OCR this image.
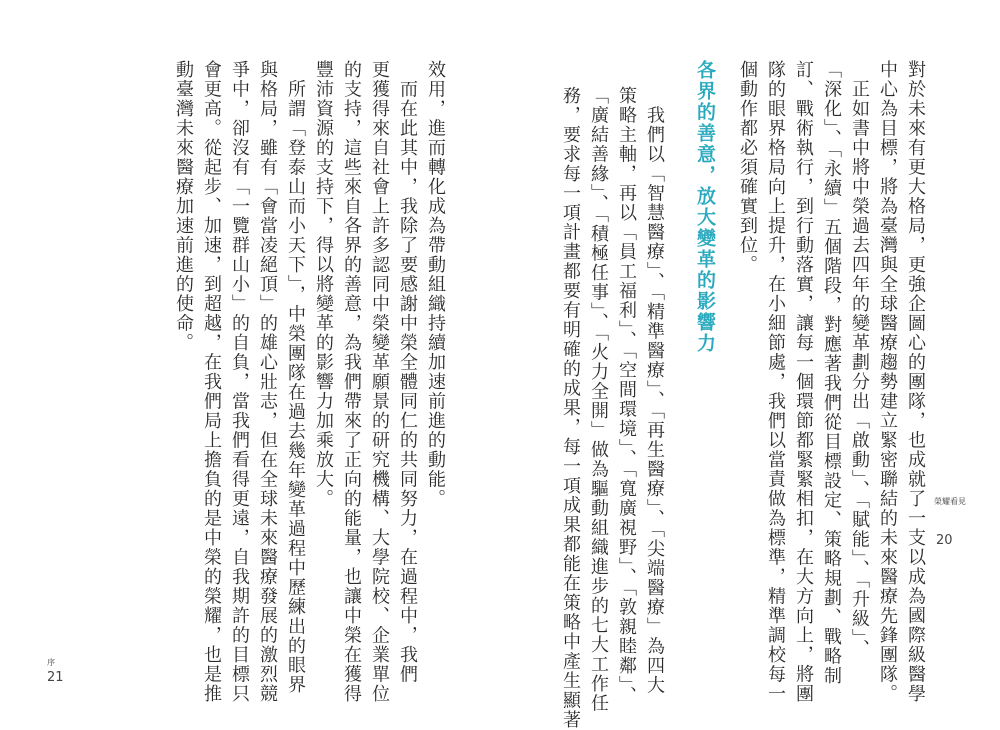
榮耀看見
20
對於未來有更大格局，更強企圖心的團隊，也成就了一支以成為國際級醫學
中心為目標，將為臺灣與全球醫療趨勢建立緊密聯結的未來醫療先鋒團隊。
　正如書中將中榮過去四年的變革劃分出「啟動」、「賦能」、「升級」、
「深化」、「永續」五個階段，對應著我們從目標設定、策略規劃、戰略制
訂、戰術執行，到行動落實，讓每一個環節都緊緊相扣，在大方向上，將團
隊的眼界格局向上提升，在小細節處，我們以當責做為標準，精準調校每一
個動作都必須確實到位。
各界的善意，放大變革的影響力
　我們以「智慧醫療」、「精準醫療」、「再生醫療」、「尖端醫療」為四大
策略主軸，再以「員工福利」、「空間環境」、「寬廣視野」、「敦親睦鄰」、
「廣結善緣」、「積極任事」、「火力全開」做為驅動組織進步的七大工作任
務，要求每一項計畫都要有明確的成果，每一項成果都能在策略中產生顯著
效用，進而轉化成為帶動組織持續加速前進的動能。
　而在此其中，我除了要感謝中榮全體同仁的共同努力，在過程中，我們
更獲得來自社會上許多認同中榮變革願景的研究機構、大學院校、企業單位
的支持，這些來自各界的善意，為我們帶來了正向的能量，也讓中榮在獲得
豐沛資源的支持下，得以將變革的影響力加乘放大。
　所謂「登泰山而小天下」，中榮團隊在過去幾年變革過程中歷練出的眼界
與格局，雖有「會當凌絕頂」的雄心壯志，但在全球未來醫療發展的激烈競
爭中，卻沒有「一覽群山小」的自負，當我們看得更遠，自我期許的目標只
會更高。從起步、加速，到超越，在我們局上擔負的是中榮的榮耀，也是推
動臺灣未來醫療加速前進的使命。
序
21
